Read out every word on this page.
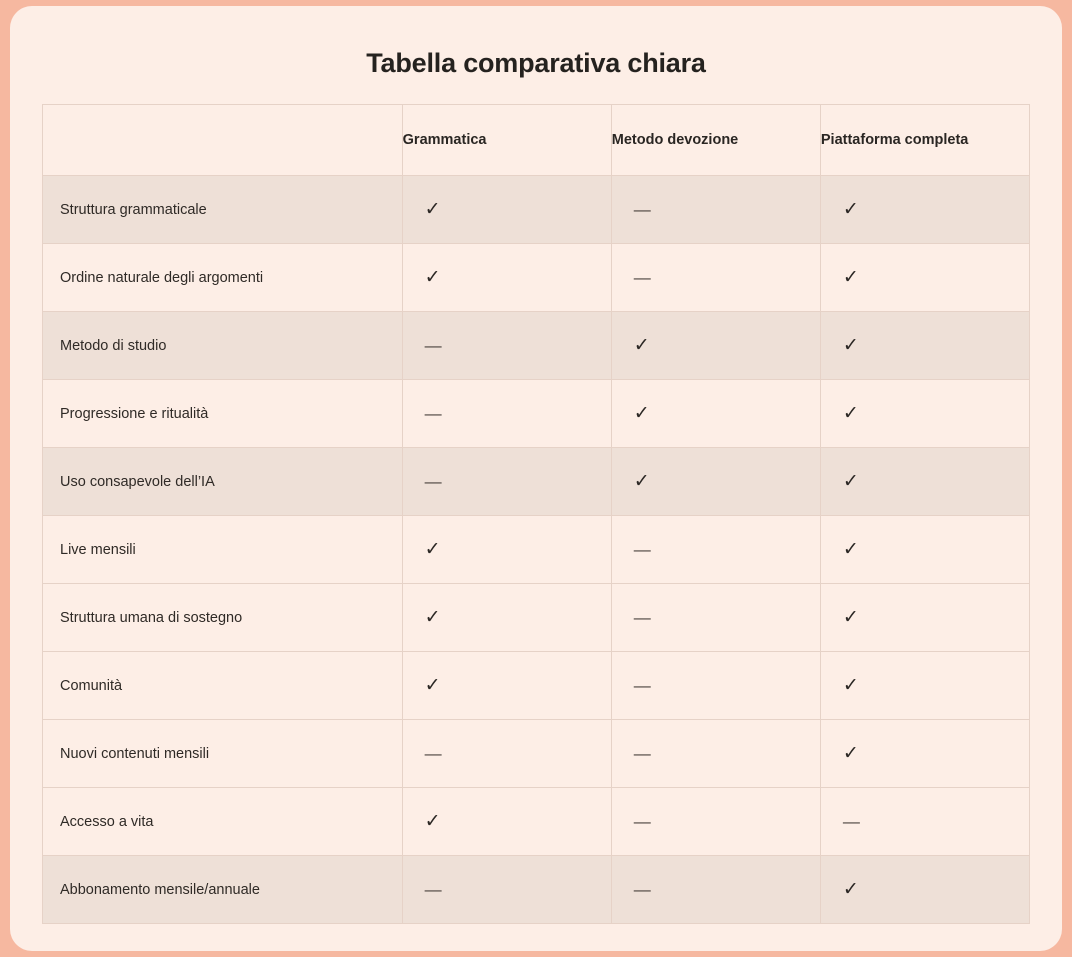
Tabella comparativa chiara
	Grammatica	Metodo devozione	Piattaforma completa
Struttura grammaticale	✓	—	✓
Ordine naturale degli argomenti	✓	—	✓
Metodo di studio	—	✓	✓
Progressione e ritualità	—	✓	✓
Uso consapevole dell’IA	—	✓	✓
Live mensili	✓	—	✓
Struttura umana di sostegno	✓	—	✓
Comunità	✓	—	✓
Nuovi contenuti mensili	—	—	✓
Accesso a vita	✓	—	—
Abbonamento mensile/annuale	—	—	✓
